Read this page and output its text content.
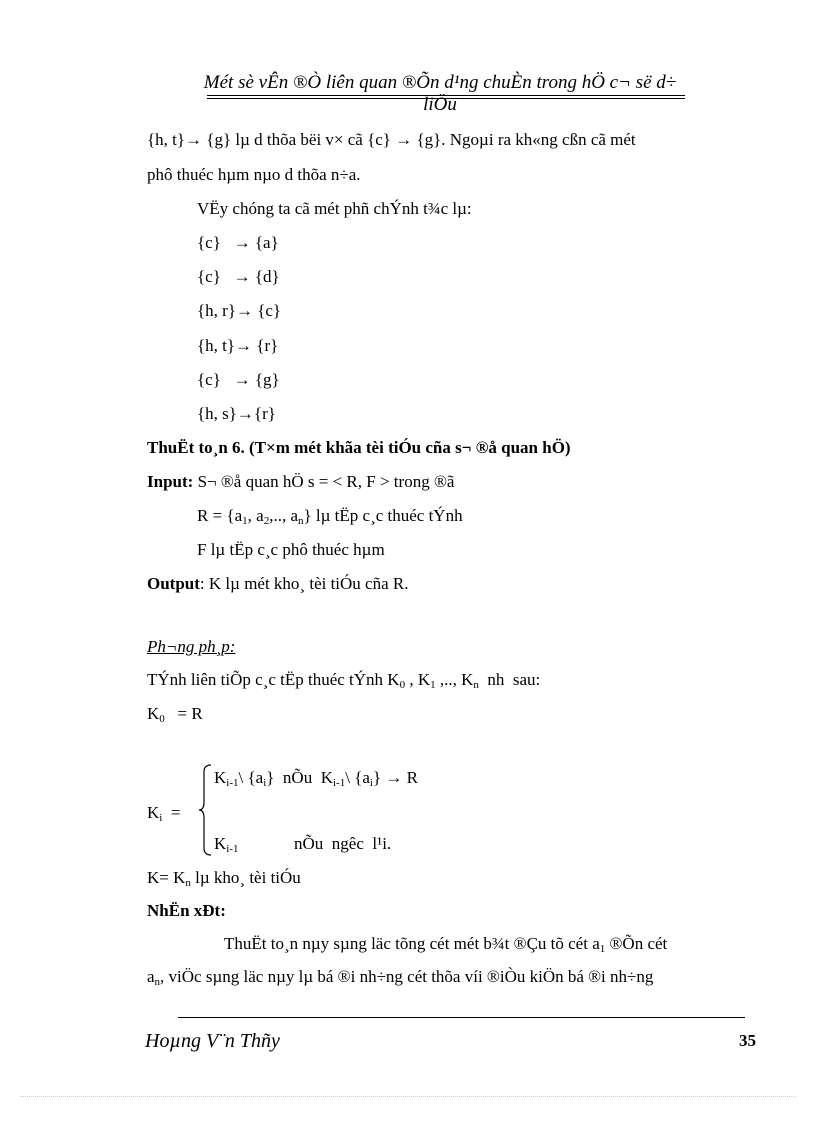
Mét sè vÊn ®Ò liên quan ®Õn d¹ng chuÈn trong hÖ c¬ së d÷
liÖu
{h, t}→ {g} lµ d thõa bëi v× cã {c} → {g}. Ngoµi ra kh«ng cßn cã mét
phô thuéc hµm nµo d thõa n÷a.
VËy chóng ta cã mét phñ chÝnh t¾c lµ:
{c}   → {a}
{c}   → {d}
{h, r}→ {c}
{h, t}→ {r}
{c}   → {g}
{h, s}→{r}
ThuËt to¸n 6. (T×m mét khãa tèi tiÓu cña s¬ ®å quan hÖ)
Input: S¬ ®å quan hÖ s = < R, F > trong ®ã
$R = \{a_1$, $a_2$,.., $a_n$} lµ tËp c¸c thuéc tÝnh
F lµ tËp c¸c phô thuéc hµm
Output: K lµ mét kho¸ tèi tiÓu cña R.
Ph¬ng ph¸p:
TÝnh liên tiÕp c¸c tËp thuéc tÝnh $K_0$ , $K_1$ ,.., $K_n$  nh  sau:
$K_0 = R$
$K_{i-1}\backslash$ $\{a_i\}$  nÕu  $K_{i-1}\backslash$ $\{a_i\} \to R$
$K_i$  =
$K_{i-1}$	nÕu  ngêc  l¹i.
$K= K_n$ lµ kho¸ tèi tiÓu
NhËn xÐt:
ThuËt to¸n nµy sµng läc tõng cét mét b¾t ®Çu tõ cét $a_1$ ®Õn cét
$a_n$, viÖc sµng läc nµy lµ bá ®i nh÷ng cét thõa víi ®iÒu kiÖn bá ®i nh÷ng
Hoµng V¨n Thñy	35
